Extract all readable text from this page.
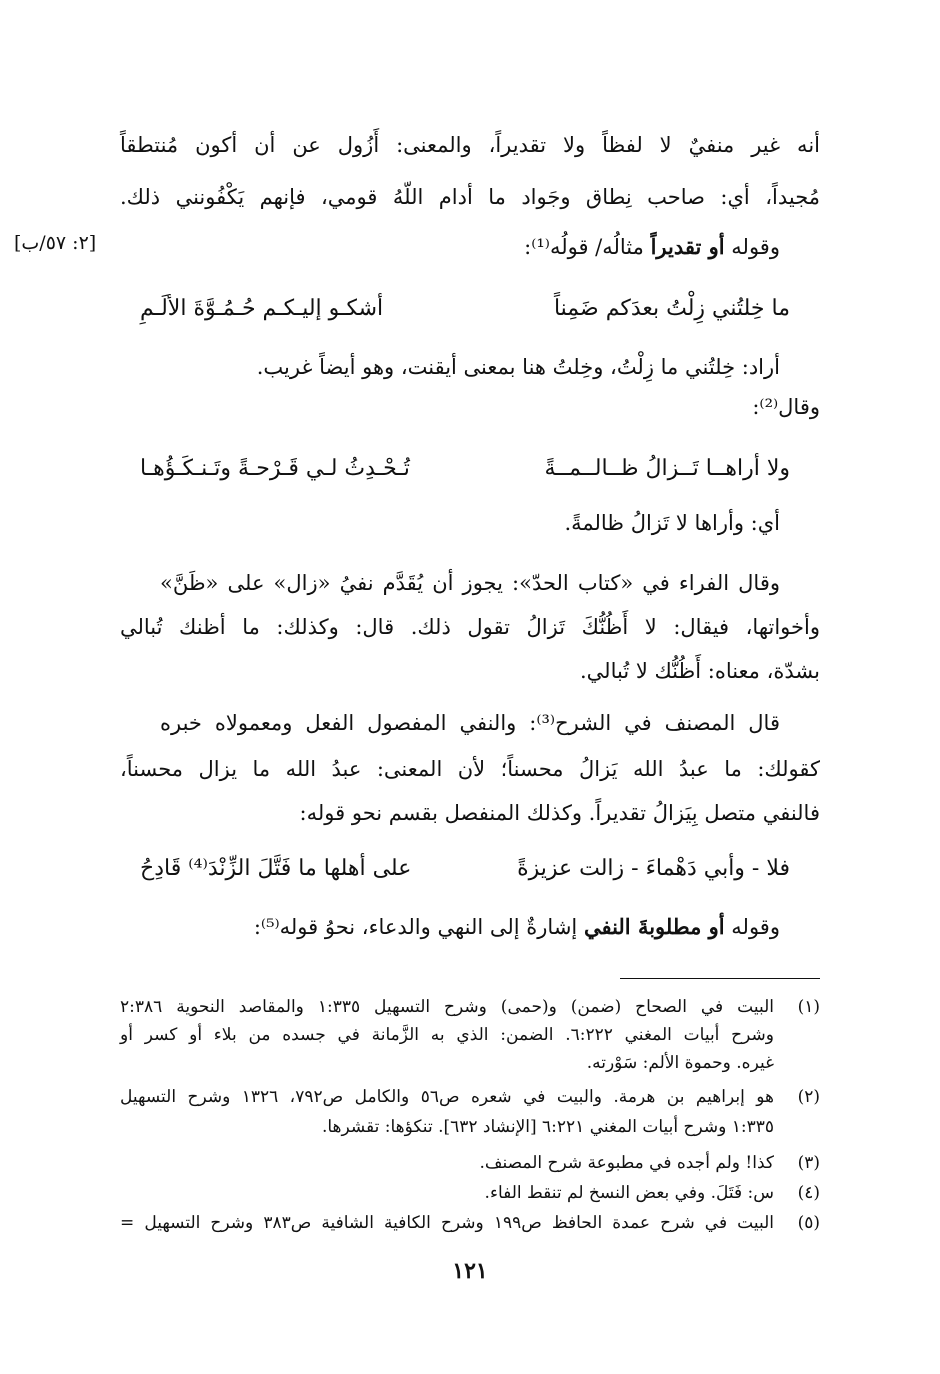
أنه غير منفيٌ لا لفظاً ولا تقديراً، والمعنى: أَزُول عن أن أكون مُنتطقاً
مُجيداً، أي: صاحب نِطاق وجَواد ما أدام اللّهُ قومي، فإنهم يَكْفُونني ذلك.
[٢: ٥٧/ب]	وقوله أو تقديراً مثالُه/ قولُه⁽¹⁾:
ما خِلتُني زِلْتُ بعدَكم ضَمِناً
أشكـو إليـكـم حُـمُـوَّةَ الألَـمِ
أراد: خِلتُني ما زِلْتُ، وخِلتُ هنا بمعنى أيقنت، وهو أيضاً غريب.
وقال⁽²⁾:
ولا أراهــا تَــزالُ ظــالــمــةً
تُـحْـدِثُ لـي قَـرْحـةً وتَـنـكَـؤُهـا
أي: وأراها لا تَزالُ ظالمةً.
وقال الفراء في «كتاب الحدّ»: يجوز أن يُقَدَّم نفيُ «زال» على «ظَنَّ»
وأخواتها، فيقال: لا أَظُنُّكَ تَزالُ تقول ذلك. قال: وكذلك: ما أظنك تُبالي
بشدّة، معناه: أَظُنُّك لا تُبالي.
قال المصنف في الشرح⁽³⁾: والنفي المفصول الفعل ومعمولاه خبره
كقولك: ما عبدُ الله يَزالُ محسناً؛ لأن المعنى: عبدُ الله ما يزال محسناً،
فالنفي متصل بِيَزالُ تقديراً. وكذلك المنفصل بقسم نحو قوله:
فلا - وأبي دَهْماءَ - زالت عزيزةً
على أهلها ما فَتَّلَ الزِّنْدَ⁽⁴⁾ قَادِحُ
وقوله أو مطلوبةَ النفي إشارةٌ إلى النهي والدعاء، نحوُ قوله⁽⁵⁾:
(١)
البيت في الصحاح (ضمن) و(حمى) وشرح التسهيل ١:٣٣٥ والمقاصد النحوية ٢:٣٨٦
وشرح أبيات المغني ٦:٢٢٢. الضمن: الذي به الزَّمانة في جسده من بلاء أو كسر أو
غيره. وحموة الألم: سَوْرته.
(٢)
هو إبراهيم بن هرمة. والبيت في شعره ص٥٦ والكامل ص٧٩٢، ١٣٢٦ وشرح التسهيل
١:٣٣٥ وشرح أبيات المغني ٦:٢٢١ [الإنشاد ٦٣٢]. تنكؤها: تقشرها.
(٣)
كذا! ولم أجده في مطبوعة شرح المصنف.
(٤)
س: فَتَلَ. وفي بعض النسخ لم تنقط الفاء.
(٥)
البيت في شرح عمدة الحافظ ص١٩٩ وشرح الكافية الشافية ص٣٨٣ وشرح التسهيل =
١٢١
